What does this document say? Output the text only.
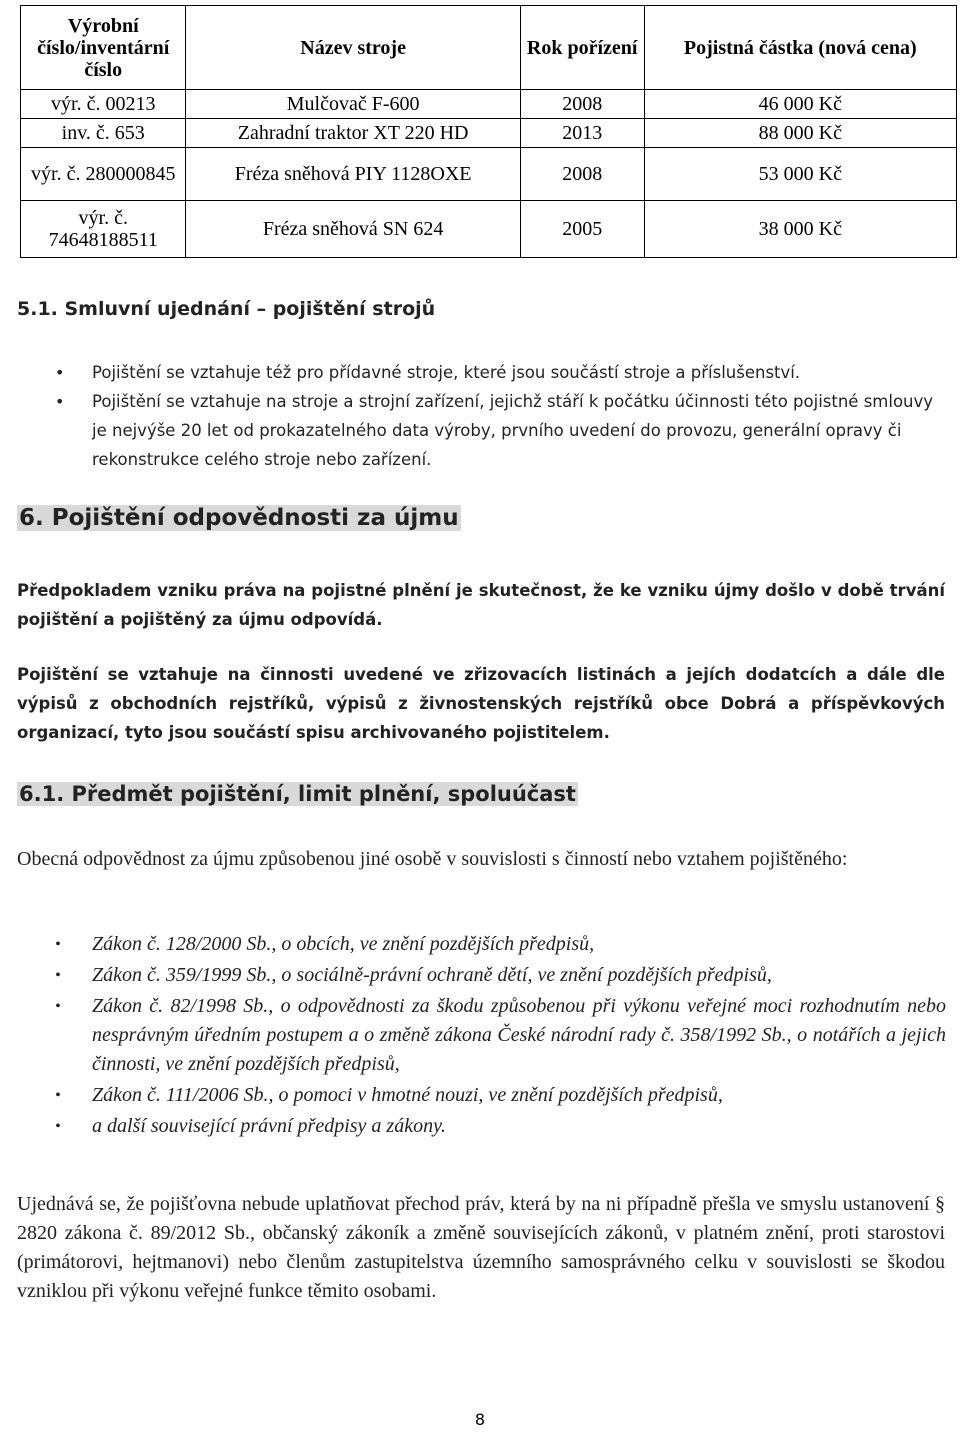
Výrobní číslo/inventární číslo	Název stroje	Rok pořízení	Pojistná částka (nová cena)
výr. č. 00213	Mulčovač F-600	2008	46 000 Kč
inv. č. 653	Zahradní traktor XT 220 HD	2013	88 000 Kč
výr. č. 280000845	Fréza sněhová PIY 1128OXE	2008	53 000 Kč
výr. č. 74648188511	Fréza sněhová SN 624	2005	38 000 Kč
5.1. Smluvní ujednání – pojištění strojů
• Pojištění se vztahuje též pro přídavné stroje, které jsou součástí stroje a příslušenství.
• Pojištění se vztahuje na stroje a strojní zařízení, jejichž stáří k počátku účinnosti této pojistné smlouvy je nejvýše 20 let od prokazatelného data výroby, prvního uvedení do provozu, generální opravy či rekonstrukce celého stroje nebo zařízení.
6. Pojištění odpovědnosti za újmu
Předpokladem vzniku práva na pojistné plnění je skutečnost, že ke vzniku újmy došlo v době trvání pojištění a pojištěný za újmu odpovídá.
Pojištění se vztahuje na činnosti uvedené ve zřizovacích listinách a jejích dodatcích a dále dle výpisů z obchodních rejstříků, výpisů z živnostenských rejstříků obce Dobrá a příspěvkových organizací, tyto jsou součástí spisu archivovaného pojistitelem.
6.1. Předmět pojištění, limit plnění, spoluúčast
Obecná odpovědnost za újmu způsobenou jiné osobě v souvislosti s činností nebo vztahem pojištěného:
• Zákon č. 128/2000 Sb., o obcích, ve znění pozdějších předpisů,
• Zákon č. 359/1999 Sb., o sociálně-právní ochraně dětí, ve znění pozdějších předpisů,
• Zákon č. 82/1998 Sb., o odpovědnosti za škodu způsobenou při výkonu veřejné moci rozhodnutím nebo nesprávným úředním postupem a o změně zákona České národní rady č. 358/1992 Sb., o notářích a jejich činnosti, ve znění pozdějších předpisů,
• Zákon č. 111/2006 Sb., o pomoci v hmotné nouzi, ve znění pozdějších předpisů,
• a další související právní předpisy a zákony.
Ujednává se, že pojišťovna nebude uplatňovat přechod práv, která by na ni případně přešla ve smyslu ustanovení § 2820 zákona č. 89/2012 Sb., občanský zákoník a změně souvisejících zákonů, v platném znění, proti starostovi (primátorovi, hejtmanovi) nebo členům zastupitelstva územního samosprávného celku v souvislosti se škodou vzniklou při výkonu veřejné funkce těmito osobami.
8
